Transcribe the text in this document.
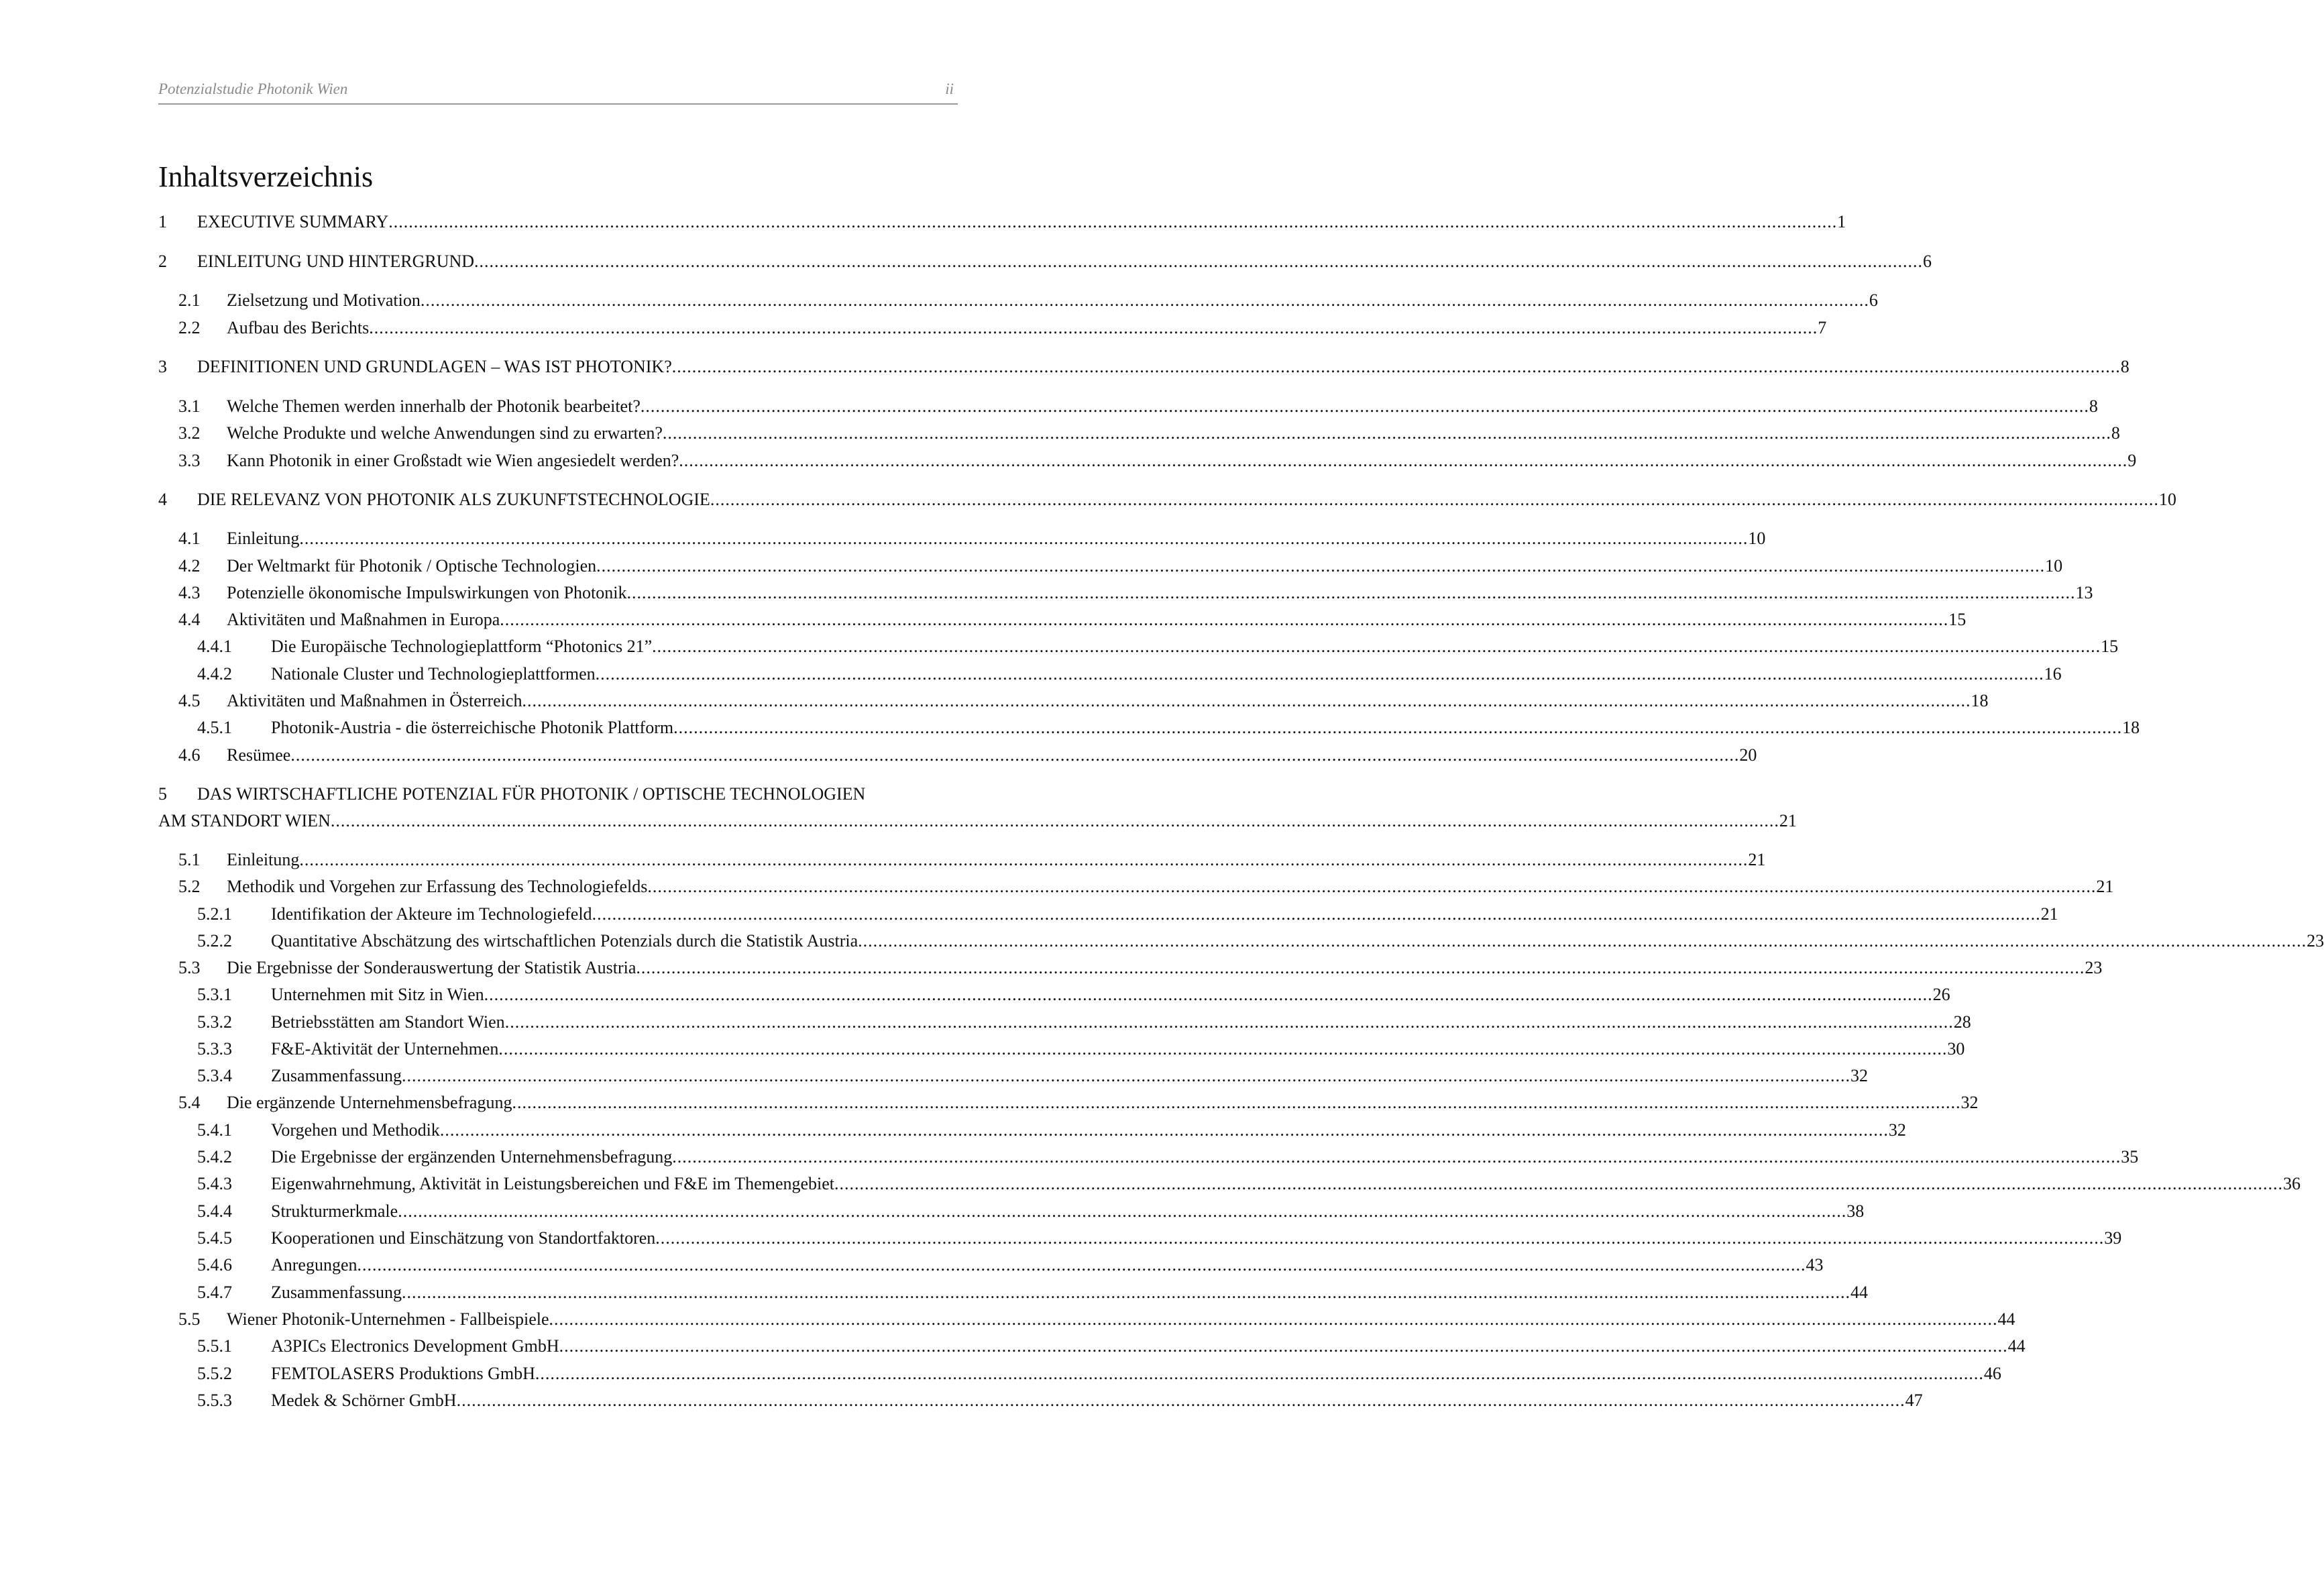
Potenzialstudie Photonik Wien	ii
Inhaltsverzeichnis
1 EXECUTIVE SUMMARY ................................................................................................................................................................................................................................................................................................ 1
2 EINLEITUNG UND HINTERGRUND ................................................................................................................................................................................................................................................................................................ 6
2.1 Zielsetzung und Motivation ................................................................................................................................................................................................................................................................................................ 6
2.2 Aufbau des Berichts ................................................................................................................................................................................................................................................................................................ 7
3 DEFINITIONEN UND GRUNDLAGEN – WAS IST PHOTONIK? ................................................................................................................................................................................................................................................................................................ 8
3.1 Welche Themen werden innerhalb der Photonik bearbeitet? ................................................................................................................................................................................................................................................................................................ 8
3.2 Welche Produkte und welche Anwendungen sind zu erwarten? ................................................................................................................................................................................................................................................................................................ 8
3.3 Kann Photonik in einer Großstadt wie Wien angesiedelt werden? ................................................................................................................................................................................................................................................................................................ 9
4 DIE RELEVANZ VON PHOTONIK ALS ZUKUNFTSTECHNOLOGIE ................................................................................................................................................................................................................................................................................................ 10
4.1 Einleitung ................................................................................................................................................................................................................................................................................................ 10
4.2 Der Weltmarkt für Photonik / Optische Technologien ................................................................................................................................................................................................................................................................................................ 10
4.3 Potenzielle ökonomische Impulswirkungen von Photonik ................................................................................................................................................................................................................................................................................................ 13
4.4 Aktivitäten und Maßnahmen in Europa ................................................................................................................................................................................................................................................................................................ 15
4.4.1 Die Europäische Technologieplattform “Photonics 21” ................................................................................................................................................................................................................................................................................................ 15
4.4.2 Nationale Cluster und Technologieplattformen ................................................................................................................................................................................................................................................................................................ 16
4.5 Aktivitäten und Maßnahmen in Österreich ................................................................................................................................................................................................................................................................................................ 18
4.5.1 Photonik-Austria - die österreichische Photonik Plattform ................................................................................................................................................................................................................................................................................................ 18
4.6 Resümee ................................................................................................................................................................................................................................................................................................ 20
5 DAS WIRTSCHAFTLICHE POTENZIAL FÜR PHOTONIK / OPTISCHE TECHNOLOGIEN
AM STANDORT WIEN ................................................................................................................................................................................................................................................................................................ 21
5.1 Einleitung ................................................................................................................................................................................................................................................................................................ 21
5.2 Methodik und Vorgehen zur Erfassung des Technologiefelds ................................................................................................................................................................................................................................................................................................ 21
5.2.1 Identifikation der Akteure im Technologiefeld ................................................................................................................................................................................................................................................................................................ 21
5.2.2 Quantitative Abschätzung des wirtschaftlichen Potenzials durch die Statistik Austria ................................................................................................................................................................................................................................................................................................ 23
5.3 Die Ergebnisse der Sonderauswertung der Statistik Austria ................................................................................................................................................................................................................................................................................................ 23
5.3.1 Unternehmen mit Sitz in Wien ................................................................................................................................................................................................................................................................................................ 26
5.3.2 Betriebsstätten am Standort Wien ................................................................................................................................................................................................................................................................................................ 28
5.3.3 F&E-Aktivität der Unternehmen ................................................................................................................................................................................................................................................................................................ 30
5.3.4 Zusammenfassung ................................................................................................................................................................................................................................................................................................ 32
5.4 Die ergänzende Unternehmensbefragung ................................................................................................................................................................................................................................................................................................ 32
5.4.1 Vorgehen und Methodik ................................................................................................................................................................................................................................................................................................ 32
5.4.2 Die Ergebnisse der ergänzenden Unternehmensbefragung ................................................................................................................................................................................................................................................................................................ 35
5.4.3 Eigenwahrnehmung, Aktivität in Leistungsbereichen und F&E im Themengebiet ................................................................................................................................................................................................................................................................................................ 36
5.4.4 Strukturmerkmale ................................................................................................................................................................................................................................................................................................ 38
5.4.5 Kooperationen und Einschätzung von Standortfaktoren ................................................................................................................................................................................................................................................................................................ 39
5.4.6 Anregungen ................................................................................................................................................................................................................................................................................................ 43
5.4.7 Zusammenfassung ................................................................................................................................................................................................................................................................................................ 44
5.5 Wiener Photonik-Unternehmen - Fallbeispiele ................................................................................................................................................................................................................................................................................................ 44
5.5.1 A3PICs Electronics Development GmbH ................................................................................................................................................................................................................................................................................................ 44
5.5.2 FEMTOLASERS Produktions GmbH ................................................................................................................................................................................................................................................................................................ 46
5.5.3 Medek & Schörner GmbH ................................................................................................................................................................................................................................................................................................ 47
